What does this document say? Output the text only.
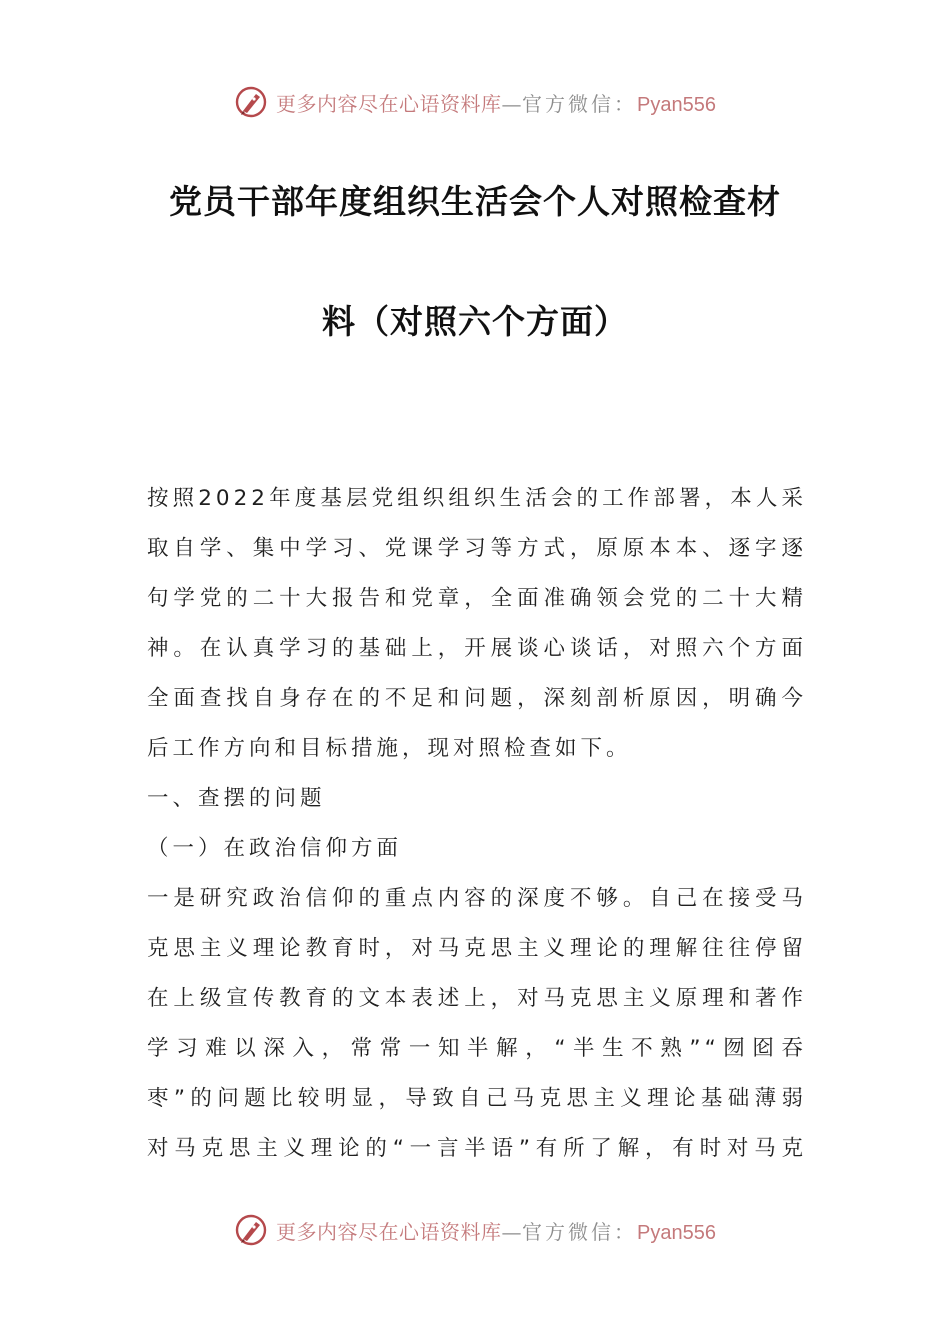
更多内容尽在心语资料库—官方微信：Pyan556
党员干部年度组织生活会个人对照检查材
料（对照六个方面）
按照2022年度基层党组织组织生活会的工作部署，本人采
取自学、集中学习、党课学习等方式，原原本本、逐字逐
句学党的二十大报告和党章，全面准确领会党的二十大精
神。在认真学习的基础上，开展谈心谈话，对照六个方面
全面查找自身存在的不足和问题，深刻剖析原因，明确今
后工作方向和目标措施，现对照检查如下。
一、查摆的问题
（一）在政治信仰方面
一是研究政治信仰的重点内容的深度不够。自己在接受马
克思主义理论教育时，对马克思主义理论的理解往往停留
在上级宣传教育的文本表述上，对马克思主义原理和著作
学习难以深入，常常一知半解，“半生不熟”“囫囵吞
枣”的问题比较明显，导致自己马克思主义理论基础薄弱
对马克思主义理论的“一言半语”有所了解，有时对马克
更多内容尽在心语资料库—官方微信：Pyan556
